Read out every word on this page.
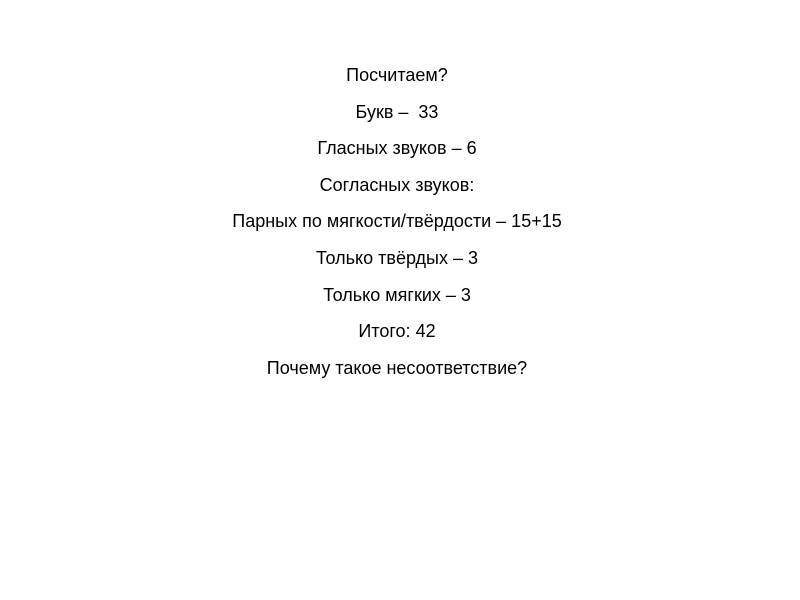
Посчитаем?
Букв –  33
Гласных звуков – 6
Согласных звуков:
Парных по мягкости/твёрдости – 15+15
Только твёрдых – 3
Только мягких – 3
Итого: 42
Почему такое несоответствие?
